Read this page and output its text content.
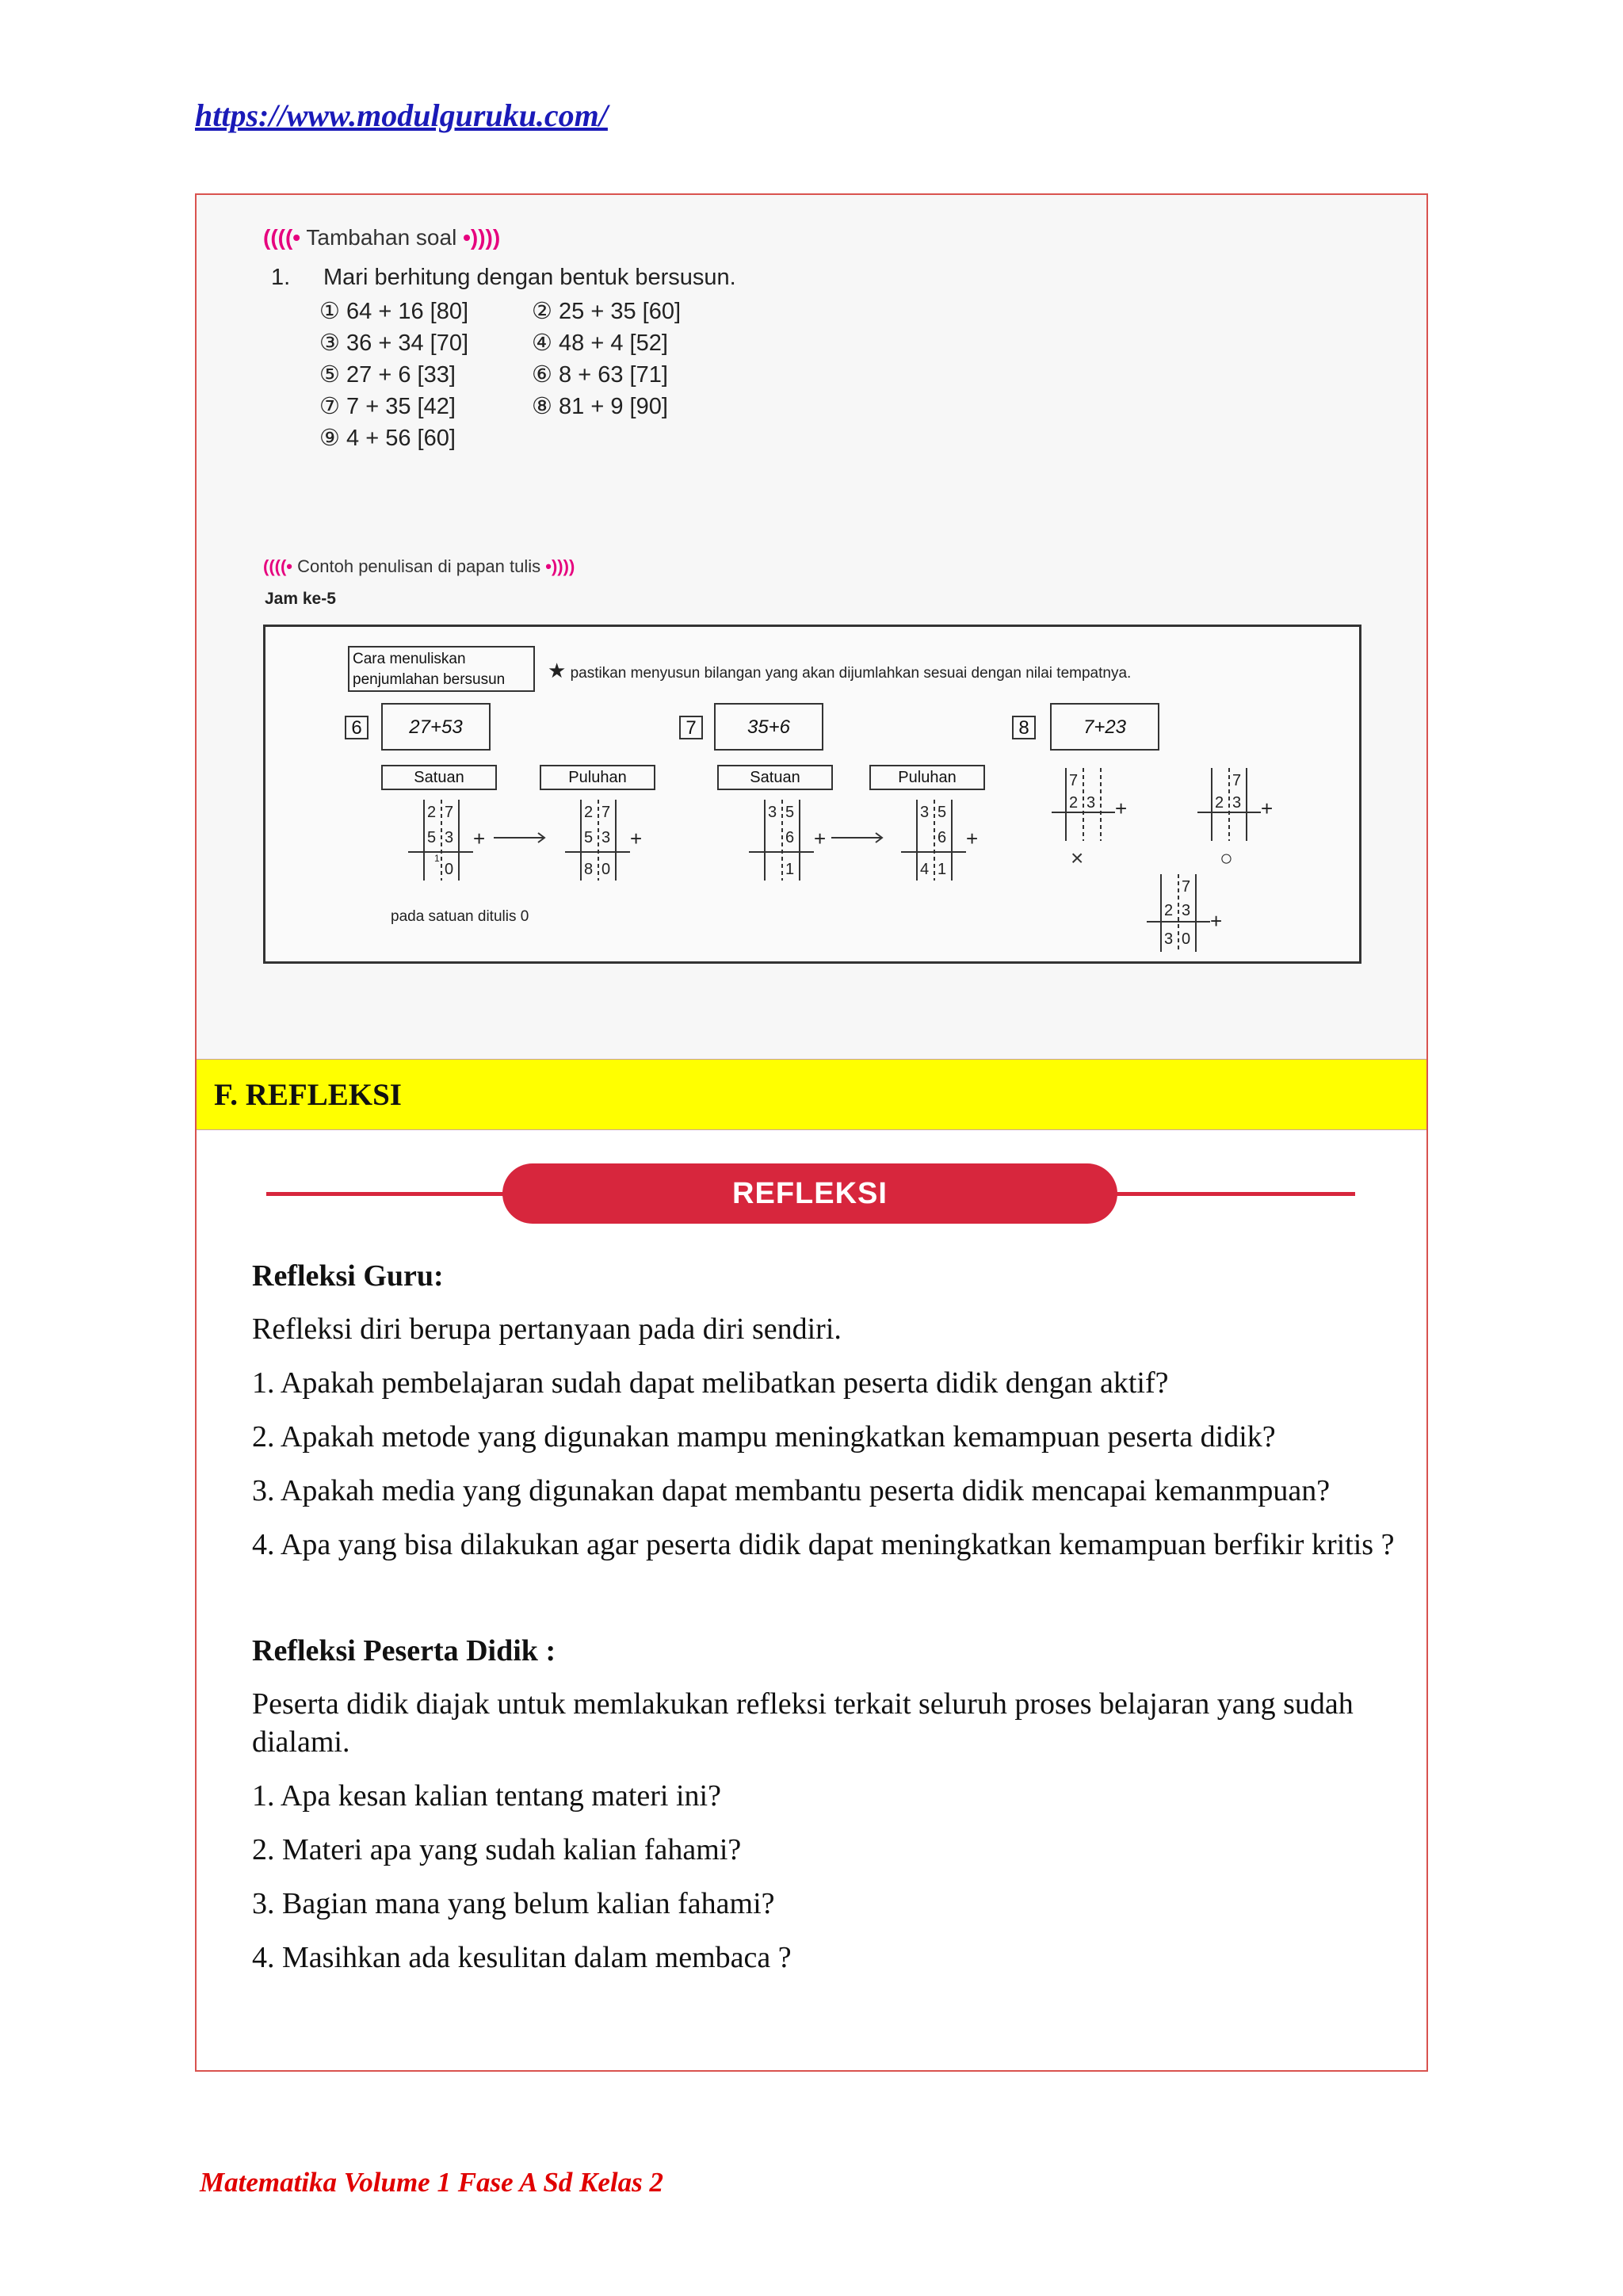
https://www.modulguruku.com/
((((• Tambahan soal •))))
1. Mari berhitung dengan bentuk bersusun.
① 64 + 16 [80]	② 25 + 35 [60]
③ 36 + 34 [70]	④ 48 + 4 [52]
⑤ 27 + 6 [33]	⑥ 8 + 63 [71]
⑦ 7 + 35 [42]	⑧ 81 + 9 [90]
⑨ 4 + 56 [60]
((((• Contoh penulisan di papan tulis •))))
Jam ke-5
Cara menuliskan
penjumlahan bersusun	★ pastikan menyusun bilangan yang akan dijumlahkan sesuai dengan nilai tempatnya.
6	27+53	7	35+6	8	7+23
Satuan	Puluhan	Satuan	Puluhan
2 7
5 3
1
0
+
2 7
5 3
8 0
+
3 5
6
1
+
3 5
6
4 1
+
7
2 3 +
7
2 3 +
7
2 3
3 0
+
×	○
pada satuan ditulis 0
F. REFLEKSI
REFLEKSI

Refleksi Guru:

Refleksi diri berupa pertanyaan pada diri sendiri.

1. Apakah pembelajaran sudah dapat melibatkan peserta didik dengan aktif?
2. Apakah metode yang digunakan mampu meningkatkan kemampuan peserta didik?
3. Apakah media yang digunakan dapat membantu peserta didik mencapai kemanmpuan?
4. Apa yang bisa dilakukan agar peserta didik dapat meningkatkan kemampuan berfikir kritis ?

Refleksi Peserta Didik :

Peserta didik diajak untuk memlakukan refleksi terkait seluruh proses belajaran yang sudah dialami.

1. Apa kesan kalian tentang materi ini?
2. Materi apa yang sudah kalian fahami?
3. Bagian mana yang belum kalian fahami?
4. Masihkan ada kesulitan dalam membaca ?
Matematika Volume 1 Fase A Sd Kelas 2
